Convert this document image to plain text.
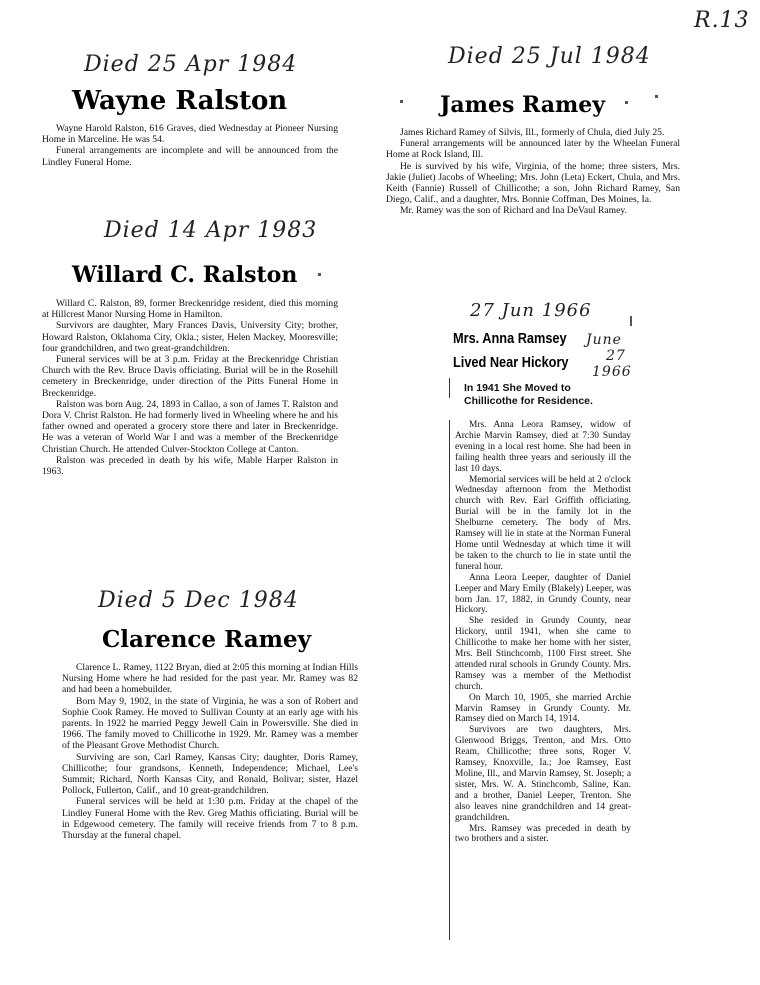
R.13
Died 25 Apr 1984
Wayne Ralston

Wayne Harold Ralston, 616 Graves, died Wednesday at Pioneer Nursing Home in Marceline. He was 54.

Funeral arrangements are incomplete and will be announced from the Lindley Funeral Home.

Died 25 Jul 1984
James Ramey

James Richard Ramey of Silvis, Ill., formerly of Chula, died July 25.

Funeral arrangements will be announced later by the Wheelan Funeral Home at Rock Island, Ill.

He is survived by his wife, Virginia, of the home; three sisters, Mrs. Jakie (Juliet) Jacobs of Wheeling; Mrs. John (Leta) Eckert, Chula, and Mrs. Keith (Fannie) Russell of Chillicothe; a son, John Richard Ramey, San Diego, Calif., and a daughter, Mrs. Bonnie Coffman, Des Moines, Ia.

Mr. Ramey was the son of Richard and Ina DeVaul Ramey.

Died 14 Apr 1983
Willard C. Ralston

Willard C. Ralston, 89, former Breckenridge resident, died this morning at Hillcrest Manor Nursing Home in Hamilton.

Survivors are daughter, Mary Frances Davis, University City; brother, Howard Ralston, Oklahoma City, Okla.; sister, Helen Mackey, Mooresville; four grandchildren, and two great-grandchildren.

Funeral services will be at 3 p.m. Friday at the Breckenridge Christian Church with the Rev. Bruce Davis officiating. Burial will be in the Rosehill cemetery in Breckenridge, under direction of the Pitts Funeral Home in Breckenridge.

Ralston was born Aug. 24, 1893 in Callao, a son of James T. Ralston and Dora V. Christ Ralston. He had formerly lived in Wheeling where he and his father owned and operated a grocery store there and later in Breckenridge. He was a veteran of World War I and was a member of the Breckenridge Christian Church. He attended Culver-Stockton College at Canton.

Ralston was preceded in death by his wife, Mable Harper Ralston in 1963.

27 Jun 1966
Mrs. Anna Ramsey
Lived Near Hickory
June
27
1966
In 1941 She Moved to
Chillicothe for Residence.

Mrs. Anna Leora Ramsey, widow of Archie Marvin Ramsey, died at 7:30 Sunday evening in a local rest home. She had been in failing health three years and seriously ill the last 10 days.

Memorial services will be held at 2 o'clock Wednesday afternoon from the Methodist church with Rev. Earl Griffith officiating. Burial will be in the family lot in the Shelburne cemetery. The body of Mrs. Ramsey will lie in state at the Norman Funeral Home until Wednesday at which time it will be taken to the church to lie in state until the funeral hour.

Anna Leora Leeper, daughter of Daniel Leeper and Mary Emily (Blakely) Leeper, was born Jan. 17, 1882, in Grundy County, near Hickory.

She resided in Grundy County, near Hickory, until 1941, when she came to Chillicothe to make her home with her sister, Mrs. Bell Stinchcomb, 1100 First street. She attended rural schools in Grundy County. Mrs. Ramsey was a member of the Methodist church.

On March 10, 1905, she married Archie Marvin Ramsey in Grundy County. Mr. Ramsey died on March 14, 1914.

Survivors are two daughters, Mrs. Glenwood Briggs, Trenton, and Mrs. Otto Ream, Chillicothe; three sons, Roger V. Ramsey, Knoxville, Ia.; Joe Ramsey, East Moline, Ill., and Marvin Ramsey, St. Joseph; a sister, Mrs. W. A. Stinchcomb, Saline, Kan. and a brother, Daniel Leeper, Trenton. She also leaves nine grandchildren and 14 great-grandchildren.

Mrs. Ramsey was preceded in death by two brothers and a sister.

Died 5 Dec 1984
Clarence Ramey

Clarence L. Ramey, 1122 Bryan, died at 2:05 this morning at Indian Hills Nursing Home where he had resided for the past year. Mr. Ramey was 82 and had been a homebuilder.

Born May 9, 1902, in the state of Virginia, he was a son of Robert and Sophie Cook Ramey. He moved to Sullivan County at an early age with his parents. In 1922 he married Peggy Jewell Cain in Powersville. She died in 1966. The family moved to Chillicothe in 1929. Mr. Ramey was a member of the Pleasant Grove Methodist Church.

Surviving are son, Carl Ramey, Kansas City; daughter, Doris Ramey, Chillicothe; four grandsons, Kenneth, Independence; Michael, Lee's Summit; Richard, North Kansas City, and Ronald, Bolivar; sister, Hazel Pollock, Fullerton, Calif., and 10 great-grandchildren.

Funeral services will be held at 1:30 p.m. Friday at the chapel of the Lindley Funeral Home with the Rev. Greg Mathis officiating. Burial will be in Edgewood cemetery. The family will receive friends from 7 to 8 p.m. Thursday at the funeral chapel.
